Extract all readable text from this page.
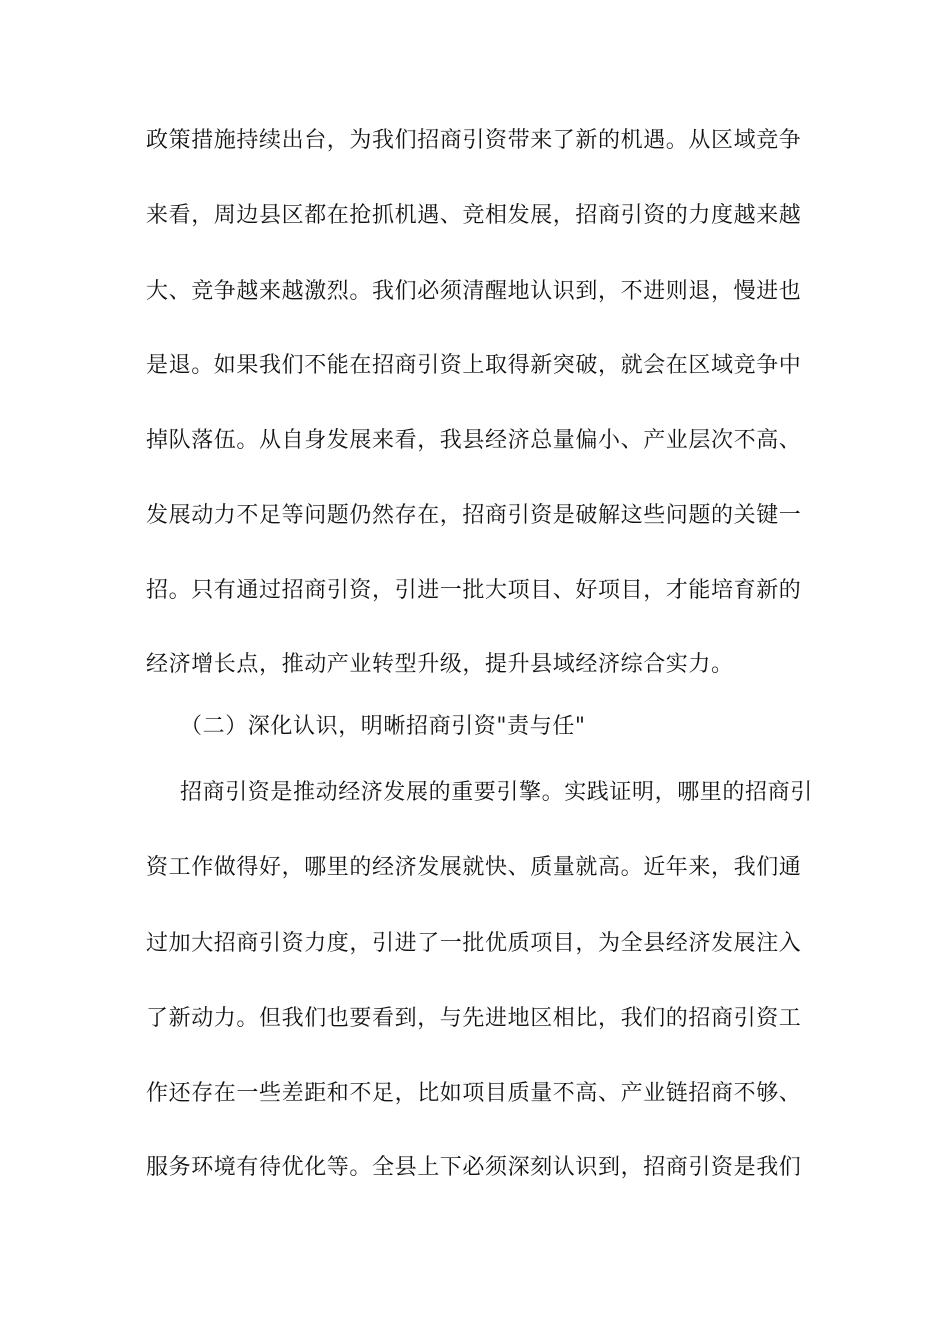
政策措施持续出台，为我们招商引资带来了新的机遇。从区域竞争
来看，周边县区都在抢抓机遇、竞相发展，招商引资的力度越来越
大、竞争越来越激烈。我们必须清醒地认识到，不进则退，慢进也
是退。如果我们不能在招商引资上取得新突破，就会在区域竞争中
掉队落伍。从自身发展来看，我县经济总量偏小、产业层次不高、
发展动力不足等问题仍然存在，招商引资是破解这些问题的关键一
招。只有通过招商引资，引进一批大项目、好项目，才能培育新的
经济增长点，推动产业转型升级，提升县域经济综合实力。
（二）深化认识，明晰招商引资"责与任"
招商引资是推动经济发展的重要引擎。实践证明，哪里的招商引
资工作做得好，哪里的经济发展就快、质量就高。近年来，我们通
过加大招商引资力度，引进了一批优质项目，为全县经济发展注入
了新动力。但我们也要看到，与先进地区相比，我们的招商引资工
作还存在一些差距和不足，比如项目质量不高、产业链招商不够、
服务环境有待优化等。全县上下必须深刻认识到，招商引资是我们
